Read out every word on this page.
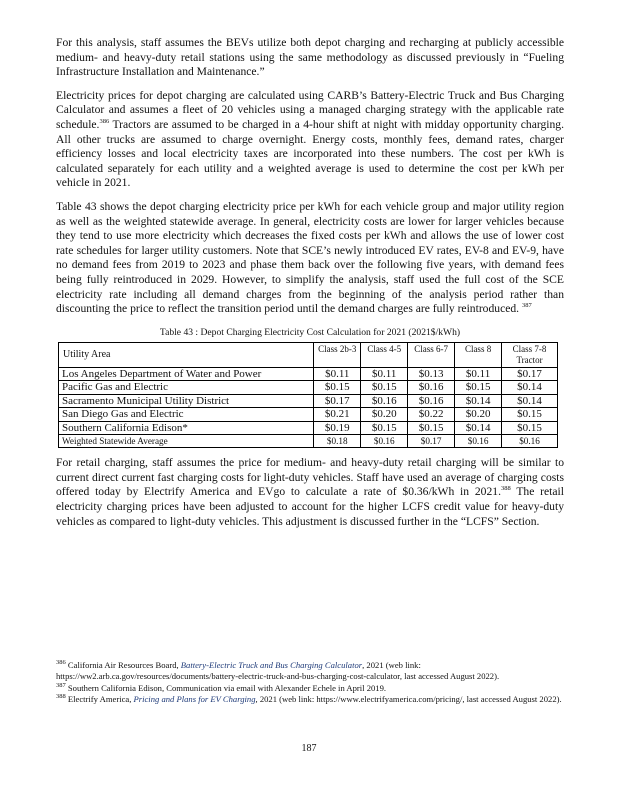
For this analysis, staff assumes the BEVs utilize both depot charging and recharging at publicly accessible medium- and heavy-duty retail stations using the same methodology as discussed previously in “Fueling Infrastructure Installation and Maintenance.”

Electricity prices for depot charging are calculated using CARB’s Battery-Electric Truck and Bus Charging Calculator and assumes a fleet of 20 vehicles using a managed charging strategy with the applicable rate schedule.$^{386}$ Tractors are assumed to be charged in a 4-hour shift at night with midday opportunity charging. All other trucks are assumed to charge overnight. Energy costs, monthly fees, demand rates, charger efficiency losses and local electricity taxes are incorporated into these numbers. The cost per kWh is calculated separately for each utility and a weighted average is used to determine the cost per kWh per vehicle in 2021.

Table 43 shows the depot charging electricity price per kWh for each vehicle group and major utility region as well as the weighted statewide average. In general, electricity costs are lower for larger vehicles because they tend to use more electricity which decreases the fixed costs per kWh and allows the use of lower cost rate schedules for larger utility customers. Note that SCE’s newly introduced EV rates, EV-8 and EV-9, have no demand fees from 2019 to 2023 and phase them back over the following five years, with demand fees being fully reintroduced in 2029. However, to simplify the analysis, staff used the full cost of the SCE electricity rate including all demand charges from the beginning of the analysis period rather than discounting the price to reflect the transition period until the demand charges are fully reintroduced. $^{387}$

Table 43 : Depot Charging Electricity Cost Calculation for 2021 (2021$/kWh)
Utility Area	Class 2b-3	Class 4-5	Class 6-7	Class 8	Class 7-8 Tractor
Los Angeles Department of Water and Power	$0.11	$0.11	$0.13	$0.11	$0.17
Pacific Gas and Electric	$0.15	$0.15	$0.16	$0.15	$0.14
Sacramento Municipal Utility District	$0.17	$0.16	$0.16	$0.14	$0.14
San Diego Gas and Electric	$0.21	$0.20	$0.22	$0.20	$0.15
Southern California Edison*	$0.19	$0.15	$0.15	$0.14	$0.15
Weighted Statewide Average	$0.18	$0.16	$0.17	$0.16	$0.16

For retail charging, staff assumes the price for medium- and heavy-duty retail charging will be similar to current direct current fast charging costs for light-duty vehicles. Staff have used an average of charging costs offered today by Electrify America and EVgo to calculate a rate of $0.36/kWh in 2021.$^{388}$ The retail electricity charging prices have been adjusted to account for the higher LCFS credit value for heavy-duty vehicles as compared to light-duty vehicles. This adjustment is discussed further in the “LCFS” Section.

$^{386}$ California Air Resources Board, Battery-Electric Truck and Bus Charging Calculator, 2021 (web link: https://ww2.arb.ca.gov/resources/documents/battery-electric-truck-and-bus-charging-cost-calculator, last accessed August 2022).

$^{387}$ Southern California Edison, Communication via email with Alexander Echele in April 2019.

$^{388}$ Electrify America, Pricing and Plans for EV Charging, 2021 (web link: https://www.electrifyamerica.com/pricing/, last accessed August 2022).

187
